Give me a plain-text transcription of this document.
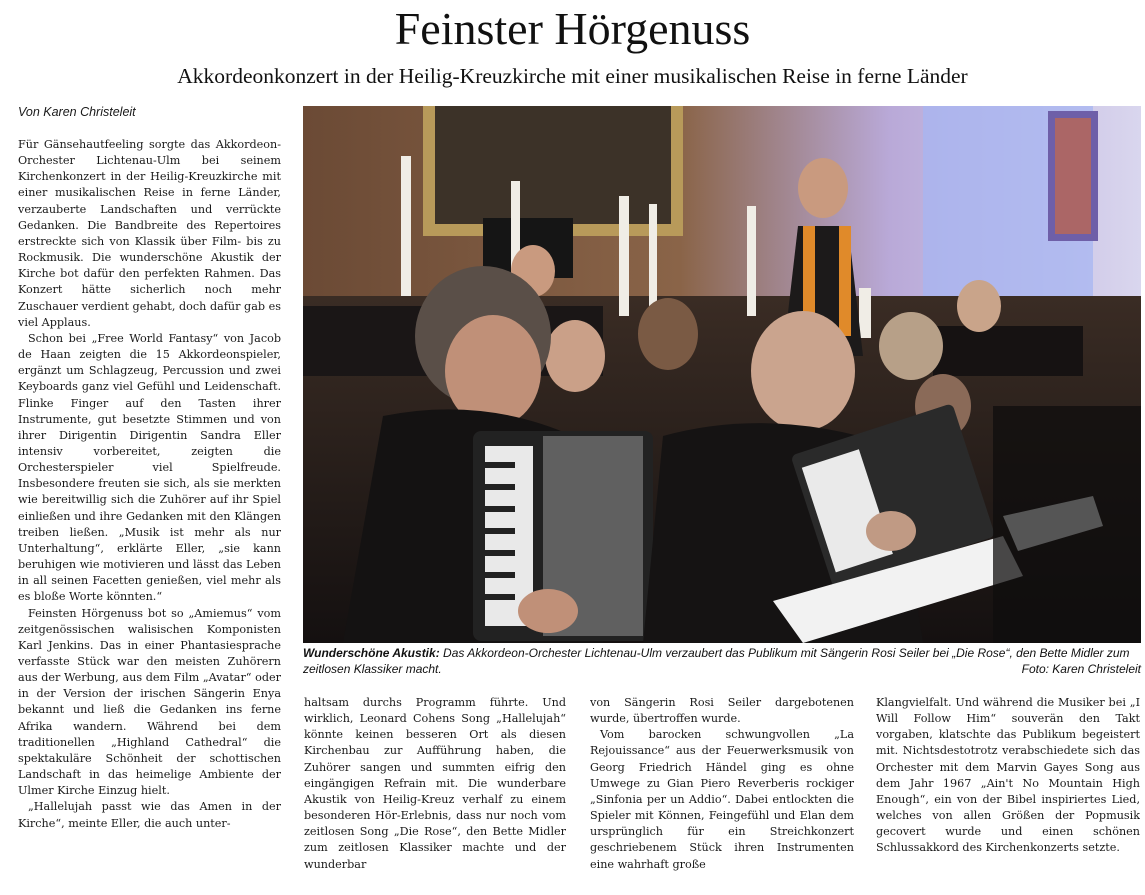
Feinster Hörgenuss
Akkordeonkonzert in der Heilig-Kreuzkirche mit einer musikalischen Reise in ferne Länder
Von Karen Christeleit

Für Gänsehautfeeling sorgte das Akkordeon-Orchester Lichtenau-Ulm bei seinem Kirchenkonzert in der Heilig-Kreuzkirche mit einer musikalischen Reise in ferne Länder, verzauberte Landschaften und verrückte Gedanken. Die Bandbreite des Repertoires erstreckte sich von Klassik über Film- bis zu Rockmusik. Die wunderschöne Akustik der Kirche bot dafür den perfekten Rahmen. Das Konzert hätte sicherlich noch mehr Zuschauer verdient gehabt, doch dafür gab es viel Applaus.

Schon bei „Free World Fantasy“ von Jacob de Haan zeigten die 15 Akkordeonspieler, ergänzt um Schlagzeug, Percussion und zwei Keyboards ganz viel Gefühl und Leidenschaft. Flinke Finger auf den Tasten ihrer Instrumente, gut besetzte Stimmen und von ihrer Dirigentin Dirigentin Sandra Eller intensiv vorbereitet, zeigten die Orchesterspieler viel Spielfreude. Insbesondere freuten sie sich, als sie merkten wie bereitwillig sich die Zuhörer auf ihr Spiel einließen und ihre Gedanken mit den Klängen treiben ließen. „Musik ist mehr als nur Unterhaltung“, erklärte Eller, „sie kann beruhigen wie motivieren und lässt das Leben in all seinen Facetten genießen, viel mehr als es bloße Worte könnten.“

Feinsten Hörgenuss bot so „Amiemus“ vom zeitgenössischen walisischen Komponisten Karl Jenkins. Das in einer Phantasiesprache verfasste Stück war den meisten Zuhörern aus der Werbung, aus dem Film „Avatar“ oder in der Version der irischen Sängerin Enya bekannt und ließ die Gedanken ins ferne Afrika wandern. Während bei dem traditionellen „Highland Cathedral“ die spektakuläre Schönheit der schottischen Landschaft in das heimelige Ambiente der Ulmer Kirche Einzug hielt.

„Hallelujah passt wie das Amen in der Kirche“, meinte Eller, die auch unter-

Wunderschöne Akustik: Das Akkordeon-Orchester Lichtenau-Ulm verzaubert das Publikum mit Sängerin Rosi Seiler bei „Die Rose“, den Bette Midler zum zeitlosen Klassiker macht.	Foto: Karen Christeleit

haltsam durchs Programm führte. Und wirklich, Leonard Cohens Song „Hallelujah“ könnte keinen besseren Ort als diesen Kirchenbau zur Aufführung haben, die Zuhörer sangen und summten eifrig den eingängigen Refrain mit. Die wunderbare Akustik von Heilig-Kreuz verhalf zu einem besonderen Hör-Erlebnis, dass nur noch vom zeitlosen Song „Die Rose“, den Bette Midler zum zeitlosen Klassiker machte und der wunderbar

von Sängerin Rosi Seiler dargebotenen wurde, übertroffen wurde.

Vom barocken schwungvollen „La Rejouissance“ aus der Feuerwerksmusik von Georg Friedrich Händel ging es ohne Umwege zu Gian Piero Reverberis rockiger „Sinfonia per un Addio“. Dabei entlockten die Spieler mit Können, Feingefühl und Elan dem ursprünglich für ein Streichkonzert geschriebenem Stück ihren Instrumenten eine wahrhaft große

Klangvielfalt. Und während die Musiker bei „I Will Follow Him“ souverän den Takt vorgaben, klatschte das Publikum begeistert mit. Nichtsdestotrotz verabschiedete sich das Orchester mit dem Marvin Gayes Song aus dem Jahr 1967 „Ain't No Mountain High Enough“, ein von der Bibel inspiriertes Lied, welches von allen Größen der Popmusik gecovert wurde und einen schönen Schlussakkord des Kirchenkonzerts setzte.
